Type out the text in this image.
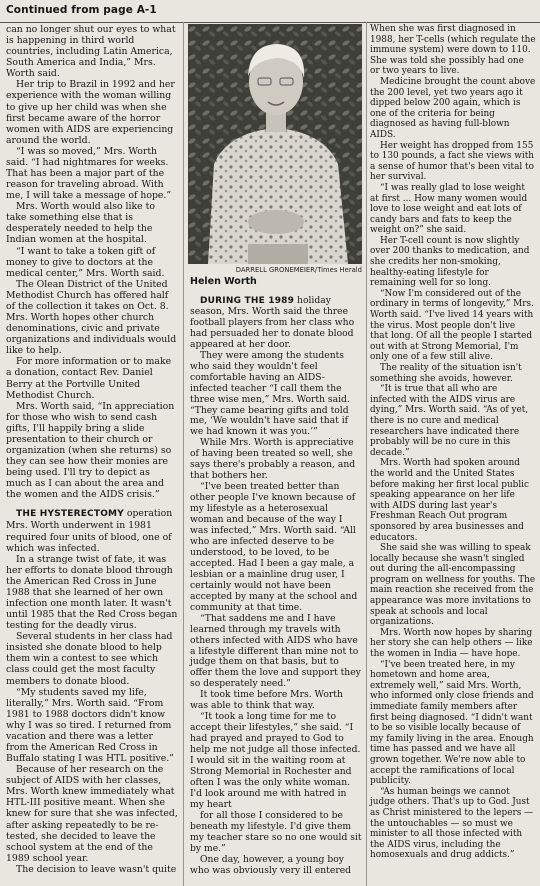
Continued from page A-1

can no longer shut our eyes to what is happening in third world countries, including Latin America, South America and India,” Mrs. Worth said.

Her trip to Brazil in 1992 and her experience with the woman willing to give up her child was when she first became aware of the horror women with AIDS are experiencing around the world.

“I was so moved,” Mrs. Worth said. “I had nightmares for weeks. That has been a major part of the reason for traveling abroad. With me, I will take a message of hope.”

Mrs. Worth would also like to take something else that is desperately needed to help the Indian women at the hospital.

“I want to take a token gift of money to give to doctors at the medical center,” Mrs. Worth said.

The Olean District of the United Methodist Church has offered half of the collection it takes on Oct. 8. Mrs. Worth hopes other church denominations, civic and private organizations and individuals would like to help.

For more information or to make a donation, contact Rev. Daniel Berry at the Portville United Methodist Church.

Mrs. Worth said, “In appreciation for those who wish to send cash gifts, I'll happily bring a slide presentation to their church or organization (when she returns) so they can see how their monies are being used. I'll try to depict as much as I can about the area and the women and the AIDS crisis.”

THE HYSTERECTOMY operation Mrs. Worth underwent in 1981 required four units of blood, one of which was infected.

In a strange twist of fate, it was her efforts to donate blood through the American Red Cross in June 1988 that she learned of her own infection one month later. It wasn't until 1985 that the Red Cross began testing for the deadly virus.

Several students in her class had insisted she donate blood to help them win a contest to see which class could get the most faculty members to donate blood.

“My students saved my life, literally,” Mrs. Worth said. “From 1981 to 1988 doctors didn't know why I was so tired. I returned from vacation and there was a letter from the American Red Cross in Buffalo stating I was HTL positive.”

Because of her research on the subject of AIDS with her classes, Mrs. Worth knew immediately what HTL-III positive meant. When she knew for sure that she was infected, after asking repeatedly to be re-tested, she decided to leave the school system at the end of the 1989 school year.

The decision to leave wasn't quite

DARRELL GRONEMEIER/Times Herald
Helen Worth

DURING THE 1989 holiday season, Mrs. Worth said the three football players from her class who had persuaded her to donate blood appeared at her door.

They were among the students who said they wouldn't feel comfortable having an AIDS-infected teacher “I call them the three wise men,” Mrs. Worth said. “They came bearing gifts and told me, ‘We wouldn't have said that if we had known it was you.’”

While Mrs. Worth is appreciative of having been treated so well, she says there's probably a reason, and that bothers her.

“I've been treated better than other people I've known because of my lifestyle as a heterosexual woman and because of the way I was infected,” Mrs. Worth said. “All who are infected deserve to be understood, to be loved, to be accepted. Had I been a gay male, a lesbian or a mainline drug user, I certainly would not have been accepted by many at the school and community at that time.

“That saddens me and I have learned through my travels with others infected with AIDS who have a lifestyle different than mine not to judge them on that basis, but to offer them the love and support they so desperately need.”

It took time before Mrs. Worth was able to think that way.

“It took a long time for me to accept their lifestyles,” she said. “I had prayed and prayed to God to help me not judge all those infected. I would sit in the waiting room at Strong Memorial in Rochester and often I was the only white woman. I'd look around me with hatred in my heart

for all those I considered to be beneath my lifestyle. I'd give them my teacher stare so no one would sit by me.”

One day, however, a young boy who was obviously very ill entered

When she was first diagnosed in 1988, her T-cells (which regulate the immune system) were down to 110. She was told she possibly had one or two years to live.

Medicine brought the count above the 200 level, yet two years ago it dipped below 200 again, which is one of the criteria for being diagnosed as having full-blown AIDS.

Her weight has dropped from 155 to 130 pounds, a fact she views with a sense of humor that's been vital to her survival.

“I was really glad to lose weight at first ... How many women would love to lose weight and eat lots of candy bars and fats to keep the weight on?” she said.

Her T-cell count is now slightly over 200 thanks to medication, and she credits her non-smoking, healthy-eating lifestyle for remaining well for so long.

“Now I'm considered out of the ordinary in terms of longevity,” Mrs. Worth said. “I've lived 14 years with the virus. Most people don't live that long. Of all the people I started out with at Strong Memorial, I'm only one of a few still alive.

The reality of the situation isn't something she avoids, however.

“It is true that all who are infected with the AIDS virus are dying,” Mrs. Worth said. “As of yet, there is no cure and medical researchers have indicated there probably will be no cure in this decade.”

Mrs. Worth had spoken around the world and the United States before making her first local public speaking appearance on her life with AIDS during last year's Freshman Reach Out program sponsored by area businesses and educators.

She said she was willing to speak locally because she wasn't singled out during the all-encompassing program on wellness for youths. The main reaction she received from the appearance was more invitations to speak at schools and local organizations.

Mrs. Worth now hopes by sharing her story she can help others — like the women in India — have hope.

“I've been treated here, in my hometown and home area, extremely well,” said Mrs. Worth, who informed only close friends and immediate family members after first being diagnosed. “I didn't want to be so visible locally because of my family living in the area. Enough time has passed and we have all grown together. We're now able to accept the ramifications of local publicity.

“As human beings we cannot judge others. That's up to God. Just as Christ ministered to the lepers — the untouchables — so must we minister to all those infected with the AIDS virus, including the homosexuals and drug addicts.”
